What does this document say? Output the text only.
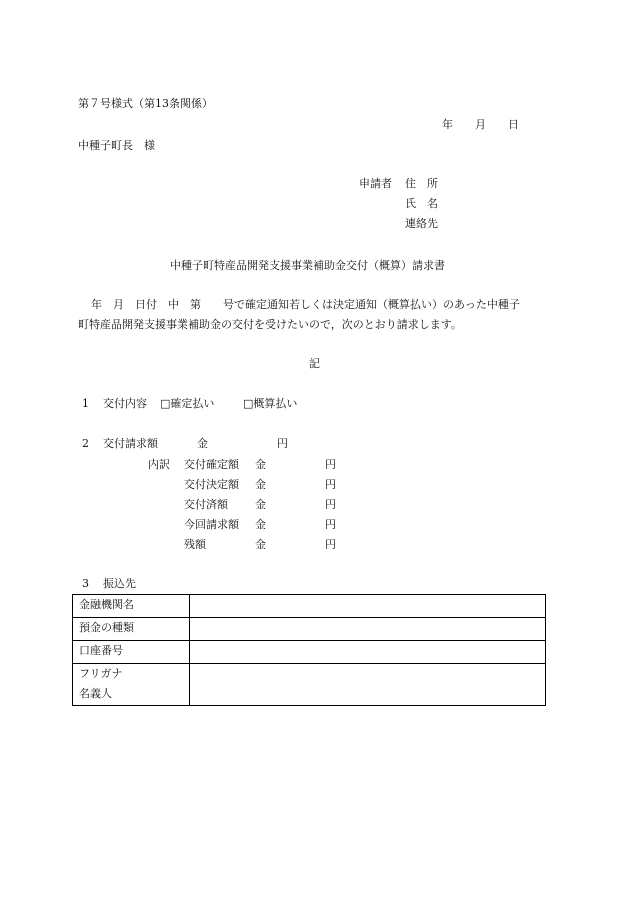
第７号様式（第13条関係）
年　　月　　日
中種子町長　様
申請者 住　所
氏　名
連絡先
中種子町特産品開発支援事業補助金交付（概算）請求書
年　月　日付　中　第　　号で確定通知若しくは決定通知（概算払い）のあった中種子
町特産品開発支援事業補助金の交付を受けたいので，次のとおり請求します。
記
1 交付内容 □確定払い	□概算払い
2 交付請求額	金	円
内訳 交付確定額 金	円
交付決定額 金	円
交付済額 金	円
今回請求額 金	円
残額	金	円
3 振込先
金融機関名	
預金の種類	
口座番号	

フリガナ
名義人	
